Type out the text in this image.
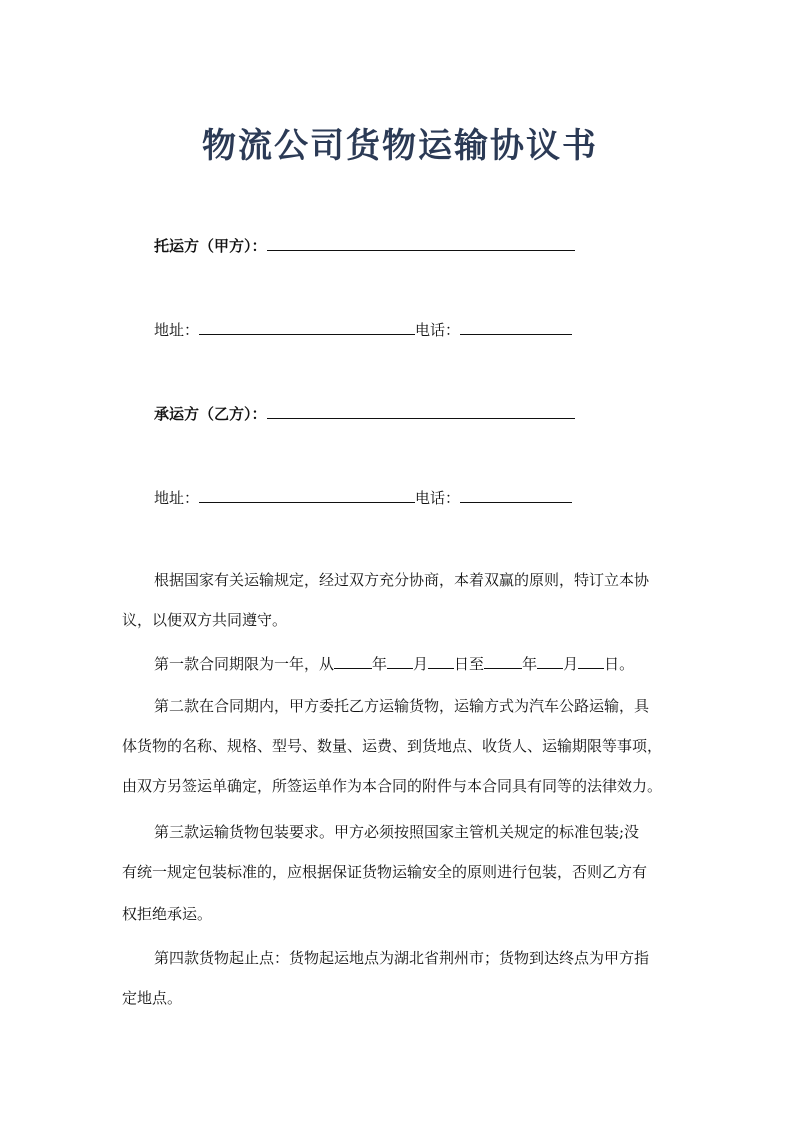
物流公司货物运输协议书
托运方（甲方）：
地址：	电话：
承运方（乙方）：
地址：	电话：
根据国家有关运输规定，经过双方充分协商，本着双赢的原则，特订立本协
议，以便双方共同遵守。
第一款合同期限为一年，从	年 月 日至	年 月 日。
第二款在合同期内，甲方委托乙方运输货物，运输方式为汽车公路运输，具
体货物的名称、规格、型号、数量、运费、到货地点、收货人、运输期限等事项，
由双方另签运单确定，所签运单作为本合同的附件与本合同具有同等的法律效力。
第三款运输货物包装要求。甲方必须按照国家主管机关规定的标准包装;没
有统一规定包装标准的，应根据保证货物运输安全的原则进行包装，否则乙方有
权拒绝承运。
第四款货物起止点：货物起运地点为湖北省荆州市；货物到达终点为甲方指
定地点。
